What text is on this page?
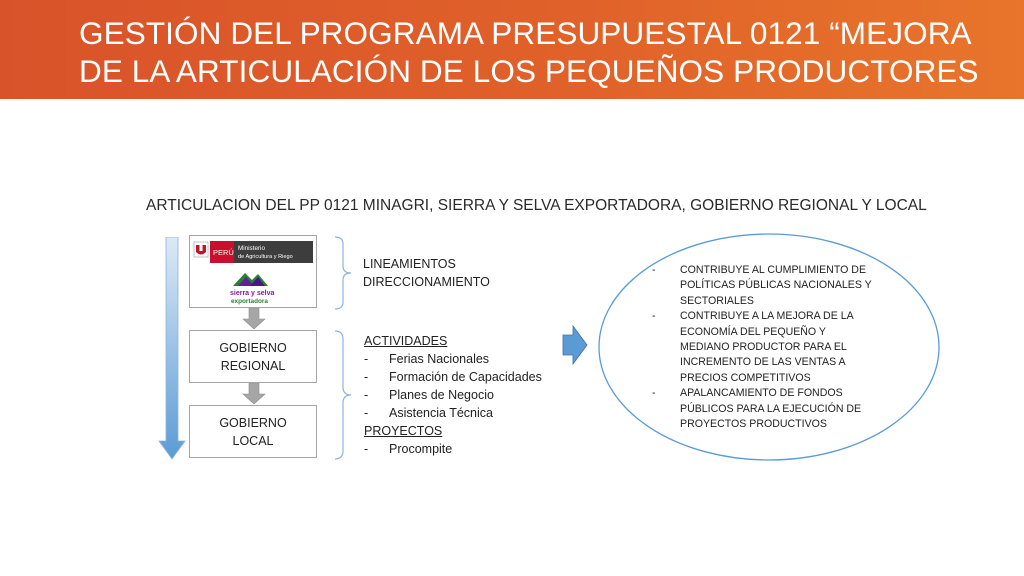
GESTIÓN DEL PROGRAMA PRESUPUESTAL 0121 “MEJORA
DE LA ARTICULACIÓN DE LOS PEQUEÑOS PRODUCTORES
ARTICULACION DEL PP 0121 MINAGRI, SIERRA Y SELVA EXPORTADORA, GOBIERNO REGIONAL Y LOCAL
PERÚ Ministerio
de Agricultura y Riego
sierra y selva
exportadora
GOBIERNO
REGIONAL
GOBIERNO
LOCAL
LINEAMIENTOS
DIRECCIONAMIENTO
ACTIVIDADES
-	Ferias Nacionales
-	Formación de Capacidades
-	Planes de Negocio
-	Asistencia Técnica
PROYECTOS
-	Procompite
-	CONTRIBUYE AL CUMPLIMIENTO DE POLÍTICAS PÚBLICAS NACIONALES Y SECTORIALES
-	CONTRIBUYE A LA MEJORA DE LA ECONOMÍA DEL PEQUEÑO Y MEDIANO PRODUCTOR PARA EL INCREMENTO DE LAS VENTAS A PRECIOS COMPETITIVOS
-	APALANCAMIENTO DE FONDOS PÚBLICOS PARA LA EJECUCIÓN DE PROYECTOS PRODUCTIVOS
